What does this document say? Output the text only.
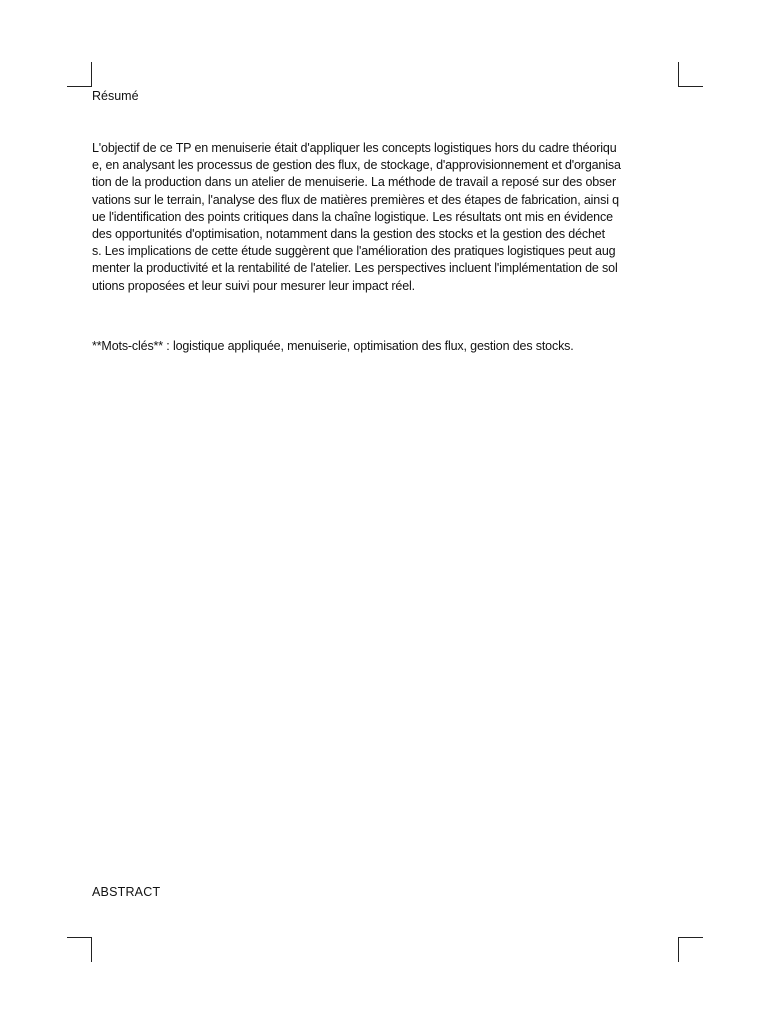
Résumé

L'objectif de ce TP en menuiserie était d'appliquer les concepts logistiques hors du cadre théoriqu
e, en analysant les processus de gestion des flux, de stockage, d'approvisionnement et d'organisa
tion de la production dans un atelier de menuiserie. La méthode de travail a reposé sur des obser
vations sur le terrain, l'analyse des flux de matières premières et des étapes de fabrication, ainsi q
ue l'identification des points critiques dans la chaîne logistique. Les résultats ont mis en évidence
des opportunités d'optimisation, notamment dans la gestion des stocks et la gestion des déchet
s. Les implications de cette étude suggèrent que l'amélioration des pratiques logistiques peut aug
menter la productivité et la rentabilité de l'atelier. Les perspectives incluent l'implémentation de sol
utions proposées et leur suivi pour mesurer leur impact réel.

**Mots-clés** : logistique appliquée, menuiserie, optimisation des flux, gestion des stocks.

ABSTRACT
